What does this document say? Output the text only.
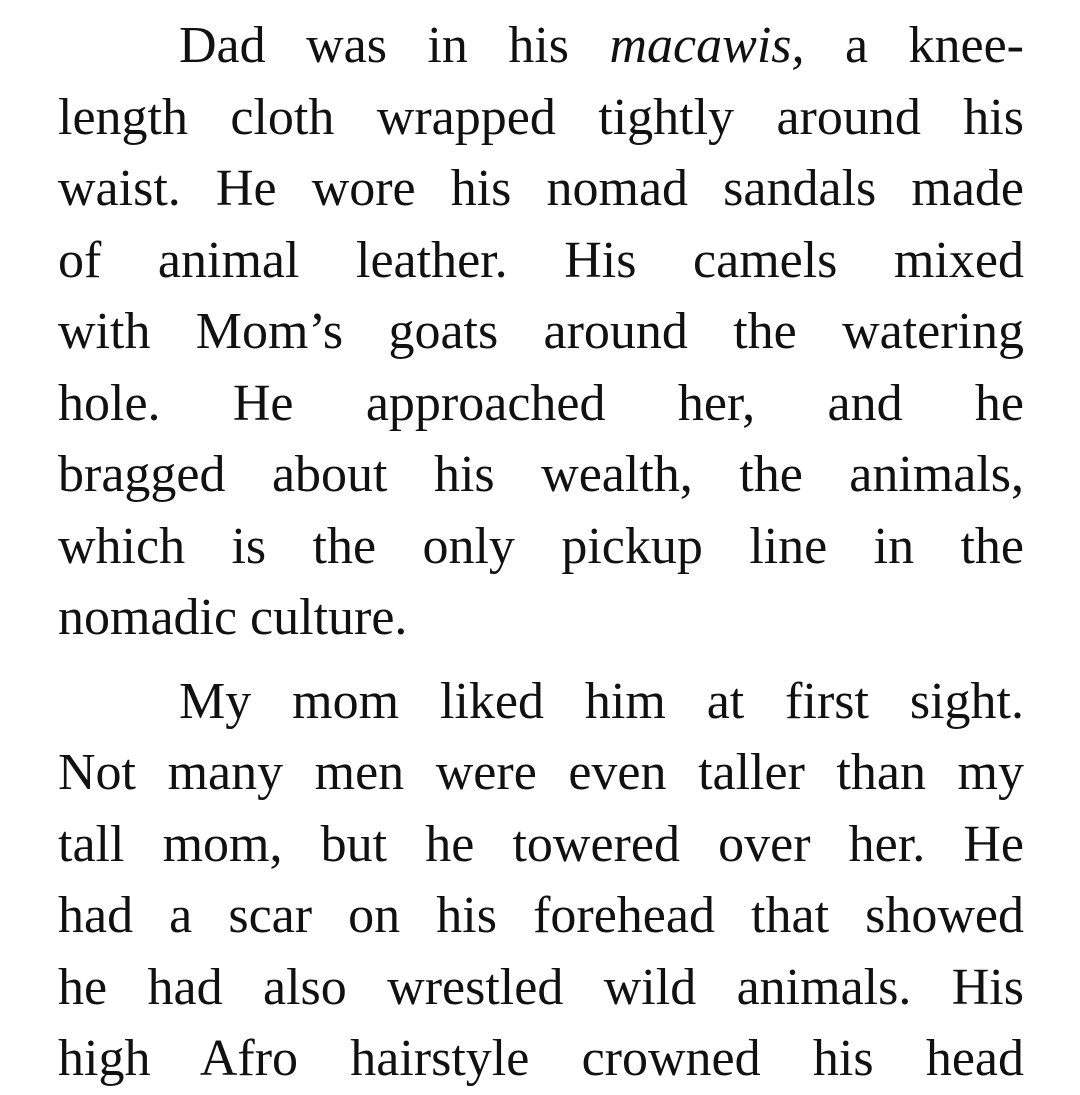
Dad was in his macawis, a knee-
length cloth wrapped tightly around his
waist. He wore his nomad sandals made
of animal leather. His camels mixed
with Mom’s goats around the watering
hole. He approached her, and he
bragged about his wealth, the animals,
which is the only pickup line in the
nomadic culture.
My mom liked him at first sight.
Not many men were even taller than my
tall mom, but he towered over her. He
had a scar on his forehead that showed
he had also wrestled wild animals. His
high Afro hairstyle crowned his head
